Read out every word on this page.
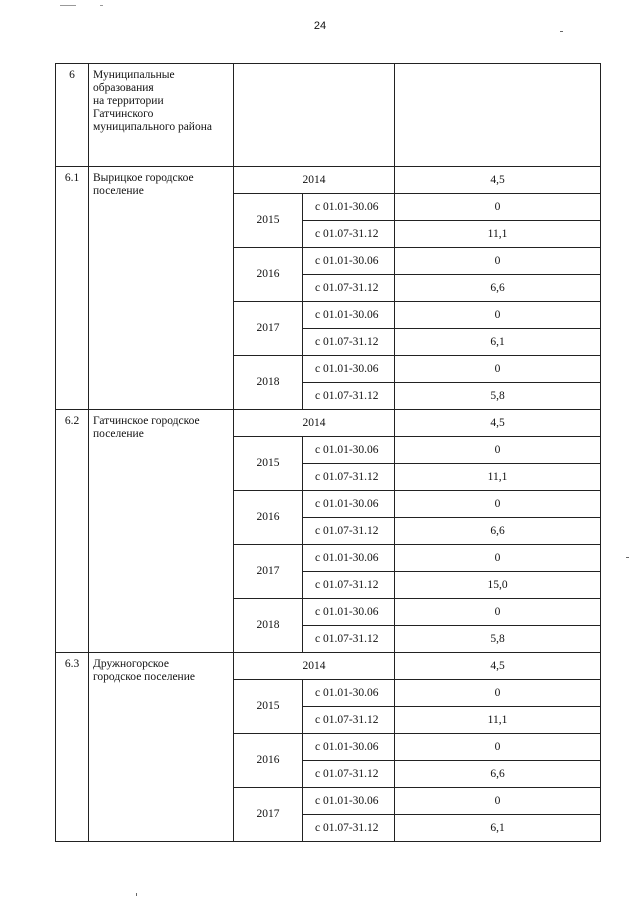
24
6	Муниципальные
образования
на территории
Гатчинского
муниципального района			

6.1	Вырицкое городское
поселение	2014		4,5
		2015	с 01.01-30.06	0
			с 01.07-31.12	11,1
		2016	с 01.01-30.06	0
			с 01.07-31.12	6,6
		2017	с 01.01-30.06	0
			с 01.07-31.12	6,1
		2018	с 01.01-30.06	0
			с 01.07-31.12	5,8
6.2	Гатчинское городское
поселение	2014		4,5
		2015	с 01.01-30.06	0
			с 01.07-31.12	11,1
		2016	с 01.01-30.06	0
			с 01.07-31.12	6,6
		2017	с 01.01-30.06	0
			с 01.07-31.12	15,0
		2018	с 01.01-30.06	0
			с 01.07-31.12	5,8
6.3	Дружногорское
городское поселение	2014		4,5
		2015	с 01.01-30.06	0
			с 01.07-31.12	11,1
		2016	с 01.01-30.06	0
			с 01.07-31.12	6,6
		2017	с 01.01-30.06	0
			с 01.07-31.12	6,1
